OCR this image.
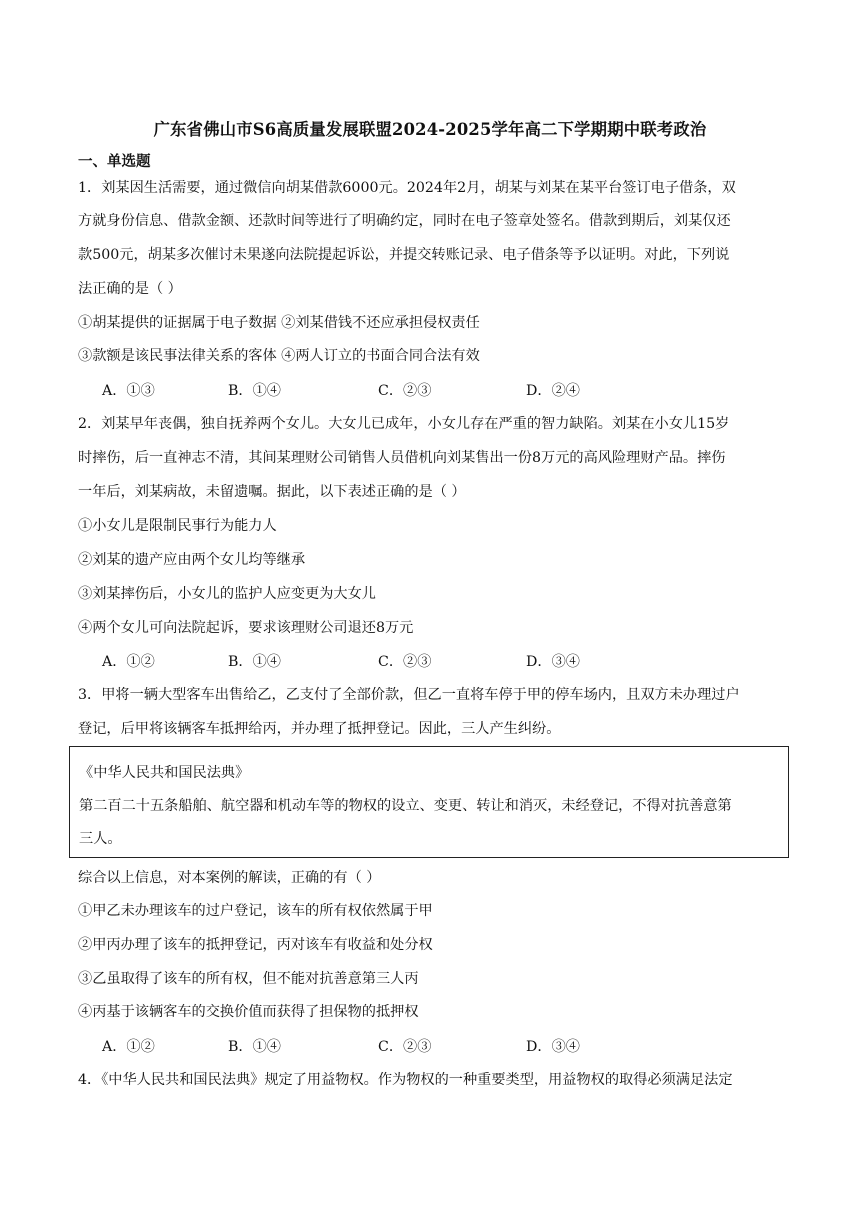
广东省佛山市S6高质量发展联盟2024-2025学年高二下学期期中联考政治
一、单选题
1．刘某因生活需要，通过微信向胡某借款6000元。2024年2月，胡某与刘某在某平台签订电子借条，双
方就身份信息、借款金额、还款时间等进行了明确约定，同时在电子签章处签名。借款到期后，刘某仅还
款500元，胡某多次催讨未果遂向法院提起诉讼，并提交转账记录、电子借条等予以证明。对此，下列说
法正确的是（ ）
①胡某提供的证据属于电子数据 ②刘某借钱不还应承担侵权责任
③款额是该民事法律关系的客体 ④两人订立的书面合同合法有效
A．①③	B．①④	C．②③	D．②④
2．刘某早年丧偶，独自抚养两个女儿。大女儿已成年，小女儿存在严重的智力缺陷。刘某在小女儿15岁
时摔伤，后一直神志不清，其间某理财公司销售人员借机向刘某售出一份8万元的高风险理财产品。摔伤
一年后，刘某病故，未留遗嘱。据此，以下表述正确的是（ ）
①小女儿是限制民事行为能力人
②刘某的遗产应由两个女儿均等继承
③刘某摔伤后，小女儿的监护人应变更为大女儿
④两个女儿可向法院起诉，要求该理财公司退还8万元
A．①②	B．①④	C．②③	D．③④
3．甲将一辆大型客车出售给乙，乙支付了全部价款，但乙一直将车停于甲的停车场内，且双方未办理过户
登记，后甲将该辆客车抵押给丙，并办理了抵押登记。因此，三人产生纠纷。
《中华人民共和国民法典》
第二百二十五条船舶、航空器和机动车等的物权的设立、变更、转让和消灭，未经登记，不得对抗善意第
三人。
综合以上信息，对本案例的解读，正确的有（ ）
①甲乙未办理该车的过户登记，该车的所有权依然属于甲
②甲丙办理了该车的抵押登记，丙对该车有收益和处分权
③乙虽取得了该车的所有权，但不能对抗善意第三人丙
④丙基于该辆客车的交换价值而获得了担保物的抵押权
A．①②	B．①④	C．②③	D．③④
4．《中华人民共和国民法典》规定了用益物权。作为物权的一种重要类型，用益物权的取得必须满足法定
